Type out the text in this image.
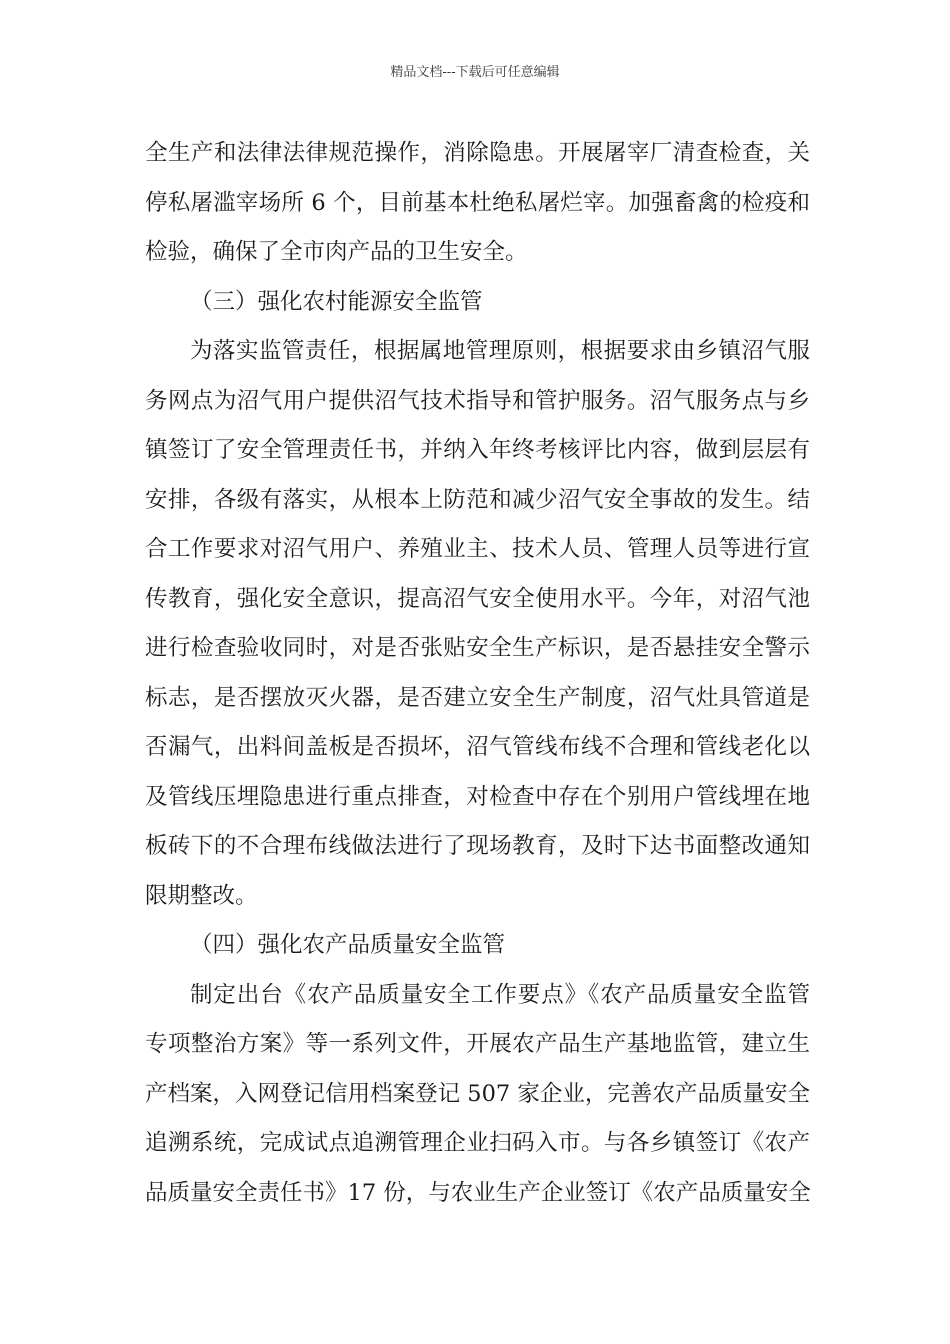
精品文档---下载后可任意编辑
全生产和法律法律规范操作，消除隐患。开展屠宰厂清查检查，关
停私屠滥宰场所 6 个，目前基本杜绝私屠烂宰。加强畜禽的检疫和
检验，确保了全市肉产品的卫生安全。
（三）强化农村能源安全监管
为落实监管责任，根据属地管理原则，根据要求由乡镇沼气服
务网点为沼气用户提供沼气技术指导和管护服务。沼气服务点与乡
镇签订了安全管理责任书，并纳入年终考核评比内容，做到层层有
安排，各级有落实，从根本上防范和减少沼气安全事故的发生。结
合工作要求对沼气用户、养殖业主、技术人员、管理人员等进行宣
传教育，强化安全意识，提高沼气安全使用水平。今年，对沼气池
进行检查验收同时，对是否张贴安全生产标识，是否悬挂安全警示
标志，是否摆放灭火器，是否建立安全生产制度，沼气灶具管道是
否漏气，出料间盖板是否损坏，沼气管线布线不合理和管线老化以
及管线压埋隐患进行重点排查，对检查中存在个别用户管线埋在地
板砖下的不合理布线做法进行了现场教育，及时下达书面整改通知
限期整改。
（四）强化农产品质量安全监管
制定出台《农产品质量安全工作要点》《农产品质量安全监管
专项整治方案》等一系列文件，开展农产品生产基地监管，建立生
产档案，入网登记信用档案登记 507 家企业，完善农产品质量安全
追溯系统，完成试点追溯管理企业扫码入市。与各乡镇签订《农产
品质量安全责任书》17 份，与农业生产企业签订《农产品质量安全
